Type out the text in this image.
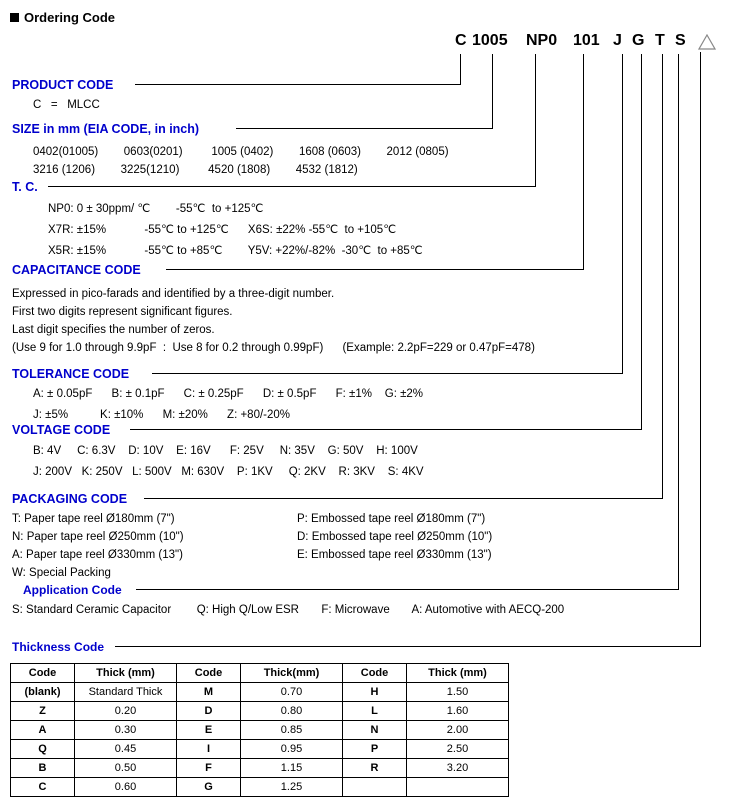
Ordering Code
C 1005 NP0 101 J G T S
PRODUCT CODE
C   =   MLCC
SIZE in mm (EIA CODE, in inch)
0402(01005)        0603(0201)         1005 (0402)        1608 (0603)        2012 (0805)
3216 (1206)        3225(1210)         4520 (1808)        4532 (1812)
T. C.
NP0: 0 ± 30ppm/ ℃        -55℃  to +125℃
X7R: ±15%            -55℃ to +125℃      X6S: ±22% -55℃  to +105℃
X5R: ±15%            -55℃ to +85℃        Y5V: +22%/-82%  -30℃  to +85℃
CAPACITANCE CODE
Expressed in pico-farads and identified by a three-digit number.
First two digits represent significant figures.
Last digit specifies the number of zeros.
(Use 9 for 1.0 through 9.9pF  :  Use 8 for 0.2 through 0.99pF)      (Example: 2.2pF=229 or 0.47pF=478)
TOLERANCE CODE
A: ± 0.05pF      B: ± 0.1pF      C: ± 0.25pF      D: ± 0.5pF      F: ±1%    G: ±2%
J: ±5%          K: ±10%      M: ±20%      Z: +80/-20%
VOLTAGE CODE
B: 4V     C: 6.3V    D: 10V    E: 16V      F: 25V     N: 35V    G: 50V    H: 100V
J: 200V   K: 250V   L: 500V   M: 630V    P: 1KV     Q: 2KV    R: 3KV    S: 4KV
PACKAGING CODE
T: Paper tape reel Ø180mm (7")
N: Paper tape reel Ø250mm (10")
A: Paper tape reel Ø330mm (13")
W: Special Packing
P: Embossed tape reel Ø180mm (7")
D: Embossed tape reel Ø250mm (10")
E: Embossed tape reel Ø330mm (13")
Application Code
S: Standard Ceramic Capacitor        Q: High Q/Low ESR       F: Microwave       A: Automotive with AECQ-200
Thickness Code
Code	Thick (mm)	Code	Thick(mm)	Code	Thick (mm)
(blank)	Standard Thick	M	0.70	H	1.50
Z	0.20	D	0.80	L	1.60
A	0.30	E	0.85	N	2.00
Q	0.45	I	0.95	P	2.50
B	0.50	F	1.15	R	3.20
C	0.60	G	1.25		
